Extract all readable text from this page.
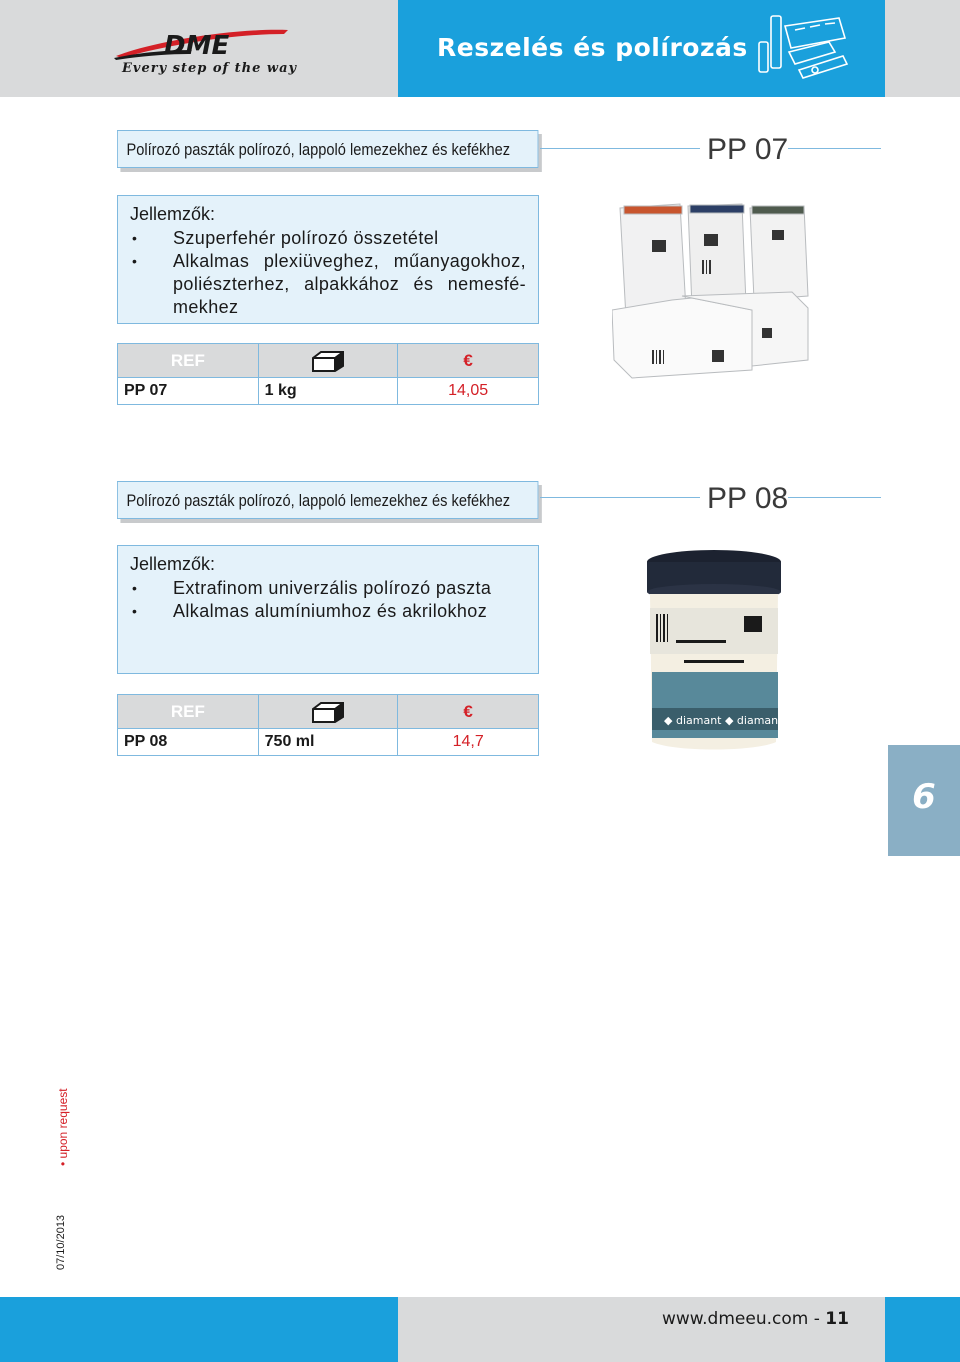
DME
Every step of the way
Reszelés és polírozás
Polírozó paszták polírozó, lappoló lemezekhez és kefékhez	PP 07
Jellemzők:
• Szuperfehér polírozó összetétel
• Alkalmas plexiüveghez, műanyagokhoz, poliészterhez, alpakkához és nemesfé-mekhez
REF		€
PP 07	1 kg	14,05
Polírozó paszták polírozó, lappoló lemezekhez és kefékhez	PP 08
Jellemzők:
• Extrafinom univerzális polírozó paszta
• Alkalmas alumíniumhoz és akrilokhoz
REF		€
PP 08	750 ml	14,7
◆ diamant ◆ diamant
6
• upon request
07/10/2013
www.dmeeu.com - 11
